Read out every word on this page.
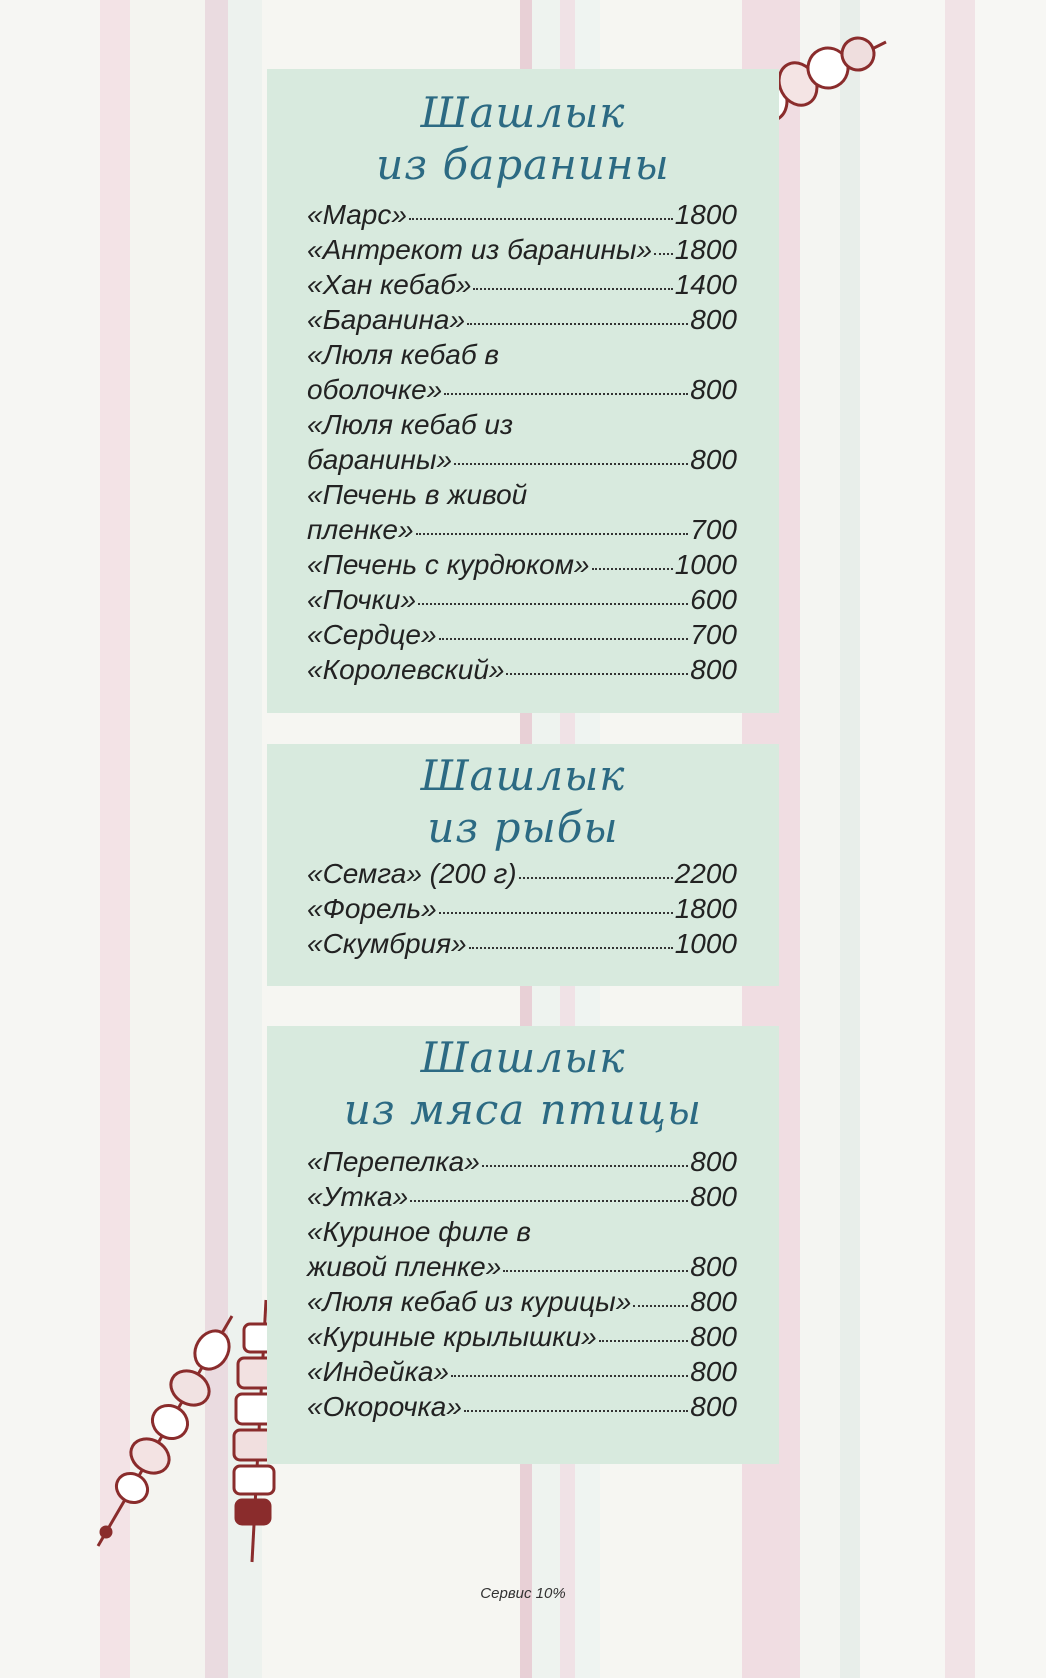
Шашлык
из баранины
«Марс»	1800
«Антрекот из баранины» 1800
«Хан кебаб»	1400
«Баранина»	800
«Люля кебаб в
оболочке»	800
«Люля кебаб из
баранины»	800
«Печень в живой
пленке»	700
«Печень с курдюком»	1000
«Почки»	600
«Сердце»	700
«Королевский»	800
Шашлык
из рыбы
«Семга» (200 г)	2200
«Форель»	1800
«Скумбрия»	1000
Шашлык
из мяса птицы
«Перепелка»	800
«Утка»	800
«Куриное филе в
живой пленке»	800
«Люля кебаб из курицы» 800
«Куриные крылышки»	800
«Индейка»	800
«Окорочка»	800
Сервис 10%
